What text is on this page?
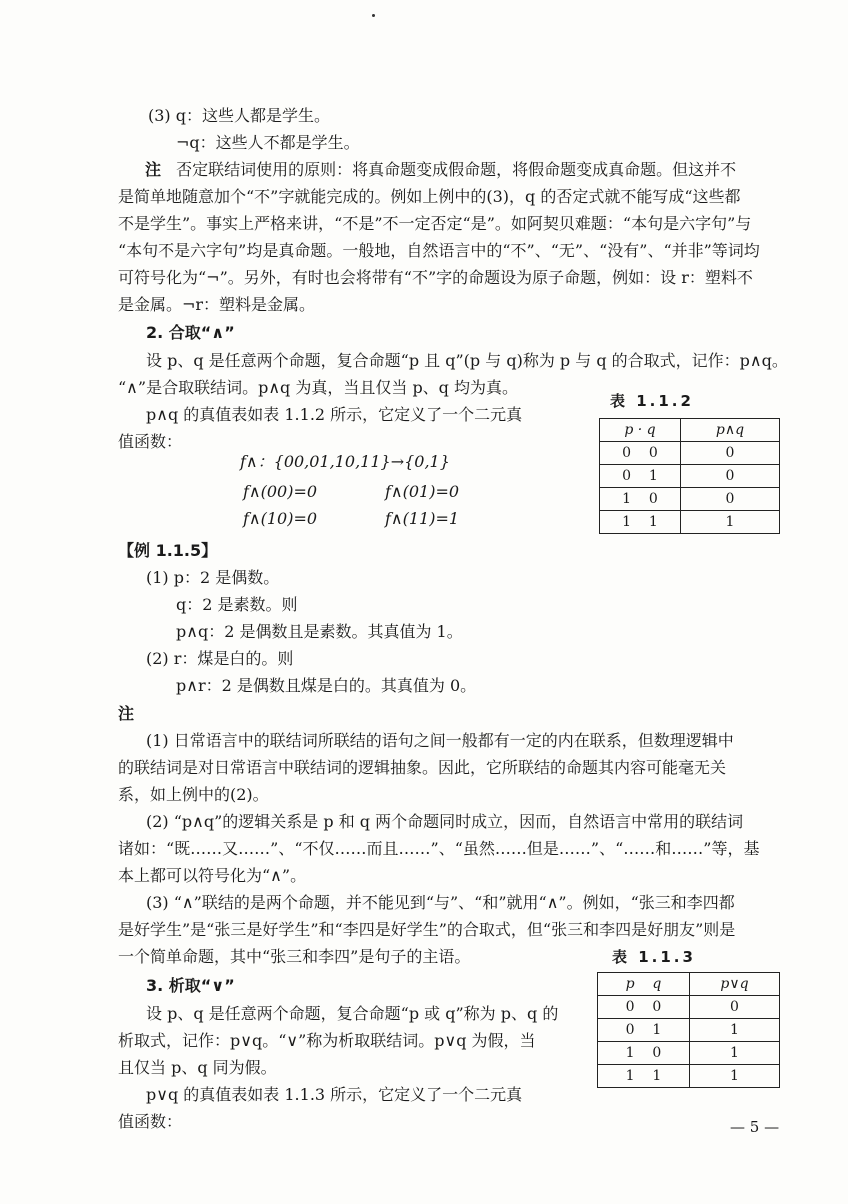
(3) q：这些人都是学生。
¬q：这些人不都是学生。
注 否定联结词使用的原则：将真命题变成假命题，将假命题变成真命题。但这并不
是简单地随意加个“不”字就能完成的。例如上例中的(3)，q 的否定式就不能写成“这些都
不是学生”。事实上严格来讲，“不是”不一定否定“是”。如阿契贝难题：“本句是六字句”与
“本句不是六字句”均是真命题。一般地，自然语言中的“不”、“无”、“没有”、“并非”等词均
可符号化为“¬”。另外，有时也会将带有“不”字的命题设为原子命题，例如：设 r：塑料不
是金属。¬r：塑料是金属。
2. 合取“∧”
设 p、q 是任意两个命题，复合命题“p 且 q”(p 与 q)称为 p 与 q 的合取式，记作：p∧q。
“∧”是合取联结词。p∧q 为真，当且仅当 p、q 均为真。
p∧q 的真值表如表 1.1.2 所示，它定义了一个二元真
值函数：
表 1.1.2
p · q	p∧q
0 0	0
0 1	0
1 0	0
1 1	1
f∧：{00,01,10,11}→{0,1}
f∧(00)=0	f∧(01)=0
f∧(10)=0	f∧(11)=1
【例 1.1.5】
(1) p：2 是偶数。
q：2 是素数。则
p∧q：2 是偶数且是素数。其真值为 1。
(2) r：煤是白的。则
p∧r：2 是偶数且煤是白的。其真值为 0。
注
(1) 日常语言中的联结词所联结的语句之间一般都有一定的内在联系，但数理逻辑中
的联结词是对日常语言中联结词的逻辑抽象。因此，它所联结的命题其内容可能毫无关
系，如上例中的(2)。
(2) “p∧q”的逻辑关系是 p 和 q 两个命题同时成立，因而，自然语言中常用的联结词
诸如：“既……又……”、“不仅……而且……”、“虽然……但是……”、“……和……”等，基
本上都可以符号化为“∧”。
(3) “∧”联结的是两个命题，并不能见到“与”、“和”就用“∧”。例如，“张三和李四都
是好学生”是“张三是好学生”和“李四是好学生”的合取式，但“张三和李四是好朋友”则是
一个简单命题，其中“张三和李四”是句子的主语。
3. 析取“∨”
设 p、q 是任意两个命题，复合命题“p 或 q”称为 p、q 的
析取式，记作：p∨q。“∨”称为析取联结词。p∨q 为假，当
且仅当 p、q 同为假。
p∨q 的真值表如表 1.1.3 所示，它定义了一个二元真
值函数：
表 1.1.3
p q	p∨q
0 0	0
0 1	1
1 0	1
1 1	1
— 5 —
